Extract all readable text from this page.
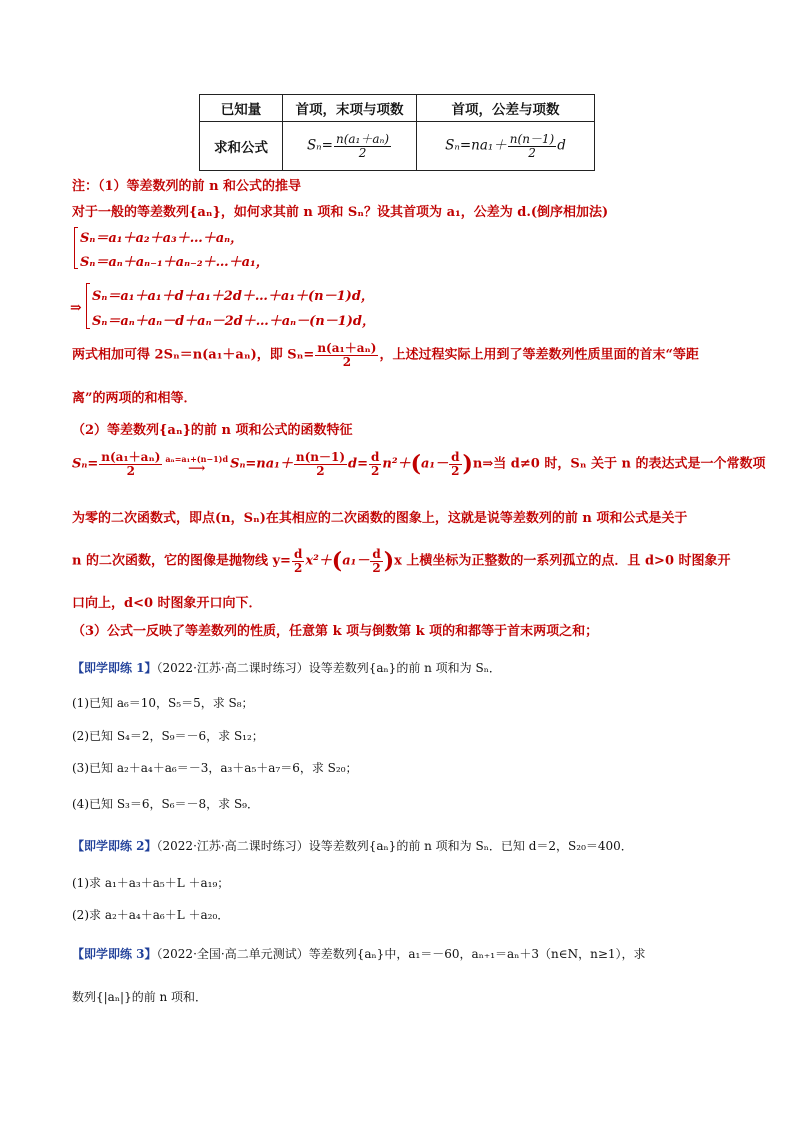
已知量	首项，末项与项数	首项，公差与项数
求和公式	$S_n= \frac{\text{n(a₁＋aₙ)}}{2}$	$S_n=na_1+ \frac{n(n-1)}{2}$ d
注：（1）等差数列的前 n 和公式的推导
对于一般的等差数列{aₙ}，如何求其前 n 项和 Sₙ？设其首项为 a₁，公差为 d.(倒序相加法)
Sₙ＝a₁＋a₂＋a₃＋…＋aₙ，
Sₙ＝aₙ＋aₙ₋₁＋aₙ₋₂＋…＋a₁，
⇒
Sₙ＝a₁＋a₁＋d＋a₁＋2d＋…＋a₁＋(n－1)d，
Sₙ＝aₙ＋aₙ－d＋aₙ－2d＋…＋aₙ－(n－1)d，
两式相加可得 2Sₙ＝n(a₁＋aₙ)，即 $S_n= \frac{\text{n(a₁＋aₙ)}}{2}$ ，上述过程实际上用到了等差数列性质里面的首末“等距
离”的两项的和相等．
（2）等差数列{aₙ}的前 n 项和公式的函数特征
$S_n= \frac{\text{n(a₁＋aₙ)}}{2} a_n=a_1+(n-1)d$
⟶ $S_n=na_1+ \frac{n(n-1)}{2} d= \frac{d}{2} n^2+(a_1- \frac{d}{2}$ )n⇒当 d≠0 时，Sₙ 关于 n 的表达式是一个常数项
为零的二次函数式，即点(n，Sₙ)在其相应的二次函数的图象上，这就是说等差数列的前 n 项和公式是关于
n 的二次函数，它的图像是抛物线 $y= \frac{d}{2} x^2+(a_1- \frac{d}{2} )x$ 上横坐标为正整数的一系列孤立的点．且 d>0 时图象开
口向上，d<0 时图象开口向下．
（3）公式一反映了等差数列的性质，任意第 k 项与倒数第 k 项的和都等于首末两项之和；
【即学即练 1】（2022·江苏·高二课时练习）设等差数列{aₙ}的前 n 项和为 Sₙ．
(1)已知 a₆＝10，S₅＝5，求 S₈；
(2)已知 S₄＝2，S₉＝－6，求 S₁₂；
(3)已知 a₂＋a₄＋a₆＝－3，a₃＋a₅＋a₇＝6，求 S₂₀；
(4)已知 S₃＝6，S₆＝－8，求 S₉．
【即学即练 2】（2022·江苏·高二课时练习）设等差数列{aₙ}的前 n 项和为 Sₙ．已知 d＝2，S₂₀＝400．
(1)求 a₁＋a₃＋a₅＋L ＋a₁₉；
(2)求 a₂＋a₄＋a₆＋L ＋a₂₀．
【即学即练 3】（2022·全国·高二单元测试）等差数列{aₙ}中，a₁＝－60，aₙ₊₁＝aₙ＋3（n∈N，n≥1），求
数列{|aₙ|}的前 n 项和．
